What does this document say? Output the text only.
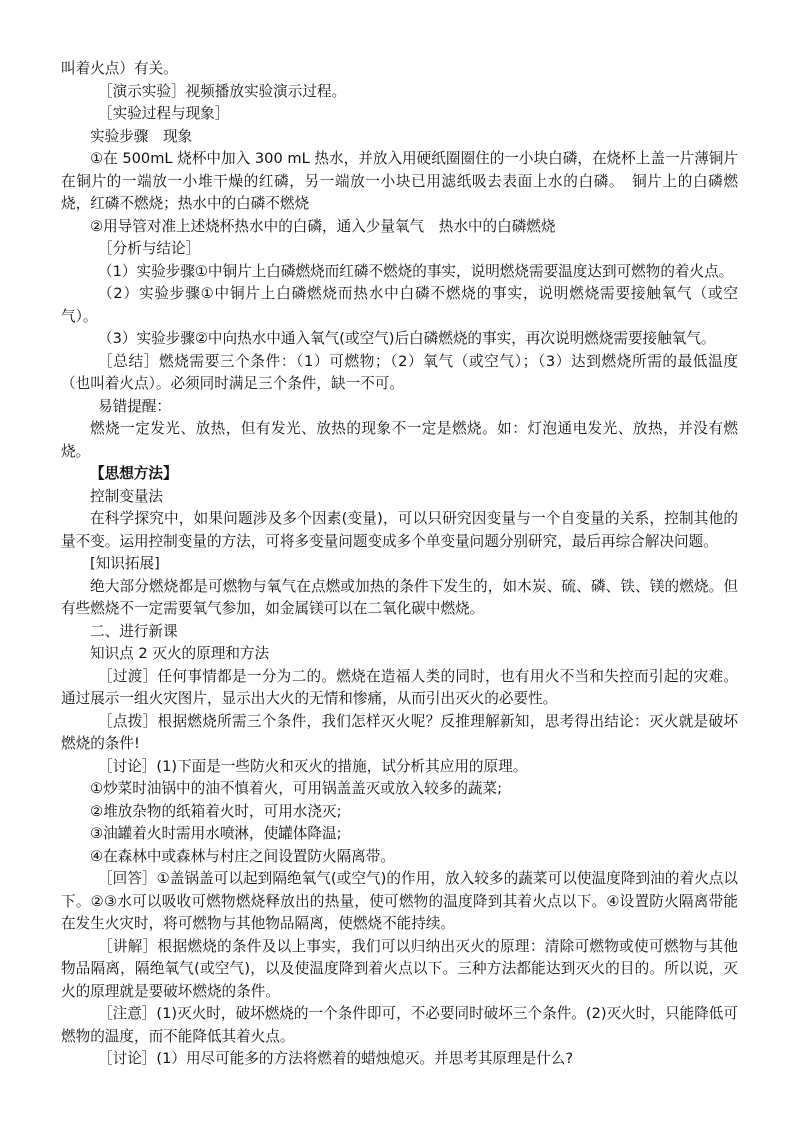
叫着火点）有关。

［演示实验］视频播放实验演示过程。

［实验过程与现象］

实验步骤　现象

①在 500mL 烧杯中加入 300 mL 热水，并放入用硬纸圈圈住的一小块白磷，在烧杯上盖一片薄铜片在铜片的一端放一小堆干燥的红磷，另一端放一小块已用滤纸吸去表面上水的白磷。　铜片上的白磷燃烧，红磷不燃烧；热水中的白磷不燃烧

②用导管对准上述烧杯热水中的白磷，通入少量氧气　热水中的白磷燃烧

［分析与结论］

（1）实验步骤①中铜片上白磷燃烧而红磷不燃烧的事实，说明燃烧需要温度达到可燃物的着火点。

（2）实验步骤①中铜片上白磷燃烧而热水中白磷不燃烧的事实，说明燃烧需要接触氧气（或空气）。

（3）实验步骤②中向热水中通入氧气(或空气)后白磷燃烧的事实，再次说明燃烧需要接触氧气。

［总结］燃烧需要三个条件：（1）可燃物；（2）氧气（或空气）；（3）达到燃烧所需的最低温度（也叫着火点）。必须同时满足三个条件，缺一不可。

易错提醒：

燃烧一定发光、放热，但有发光、放热的现象不一定是燃烧。如：灯泡通电发光、放热，并没有燃烧。

【思想方法】

控制变量法

在科学探究中，如果问题涉及多个因素(变量)，可以只研究因变量与一个自变量的关系，控制其他的量不变。运用控制变量的方法，可将多变量问题变成多个单变量问题分别研究，最后再综合解决问题。

[知识拓展]

绝大部分燃烧都是可燃物与氧气在点燃或加热的条件下发生的，如木炭、硫、磷、铁、镁的燃烧。但有些燃烧不一定需要氧气参加，如金属镁可以在二氧化碳中燃烧。

二、进行新课

知识点 2 灭火的原理和方法

［过渡］任何事情都是一分为二的。燃烧在造福人类的同时，也有用火不当和失控而引起的灾难。通过展示一组火灾图片，显示出大火的无情和惨痛，从而引出灭火的必要性。

［点拨］根据燃烧所需三个条件，我们怎样灭火呢？反推理解新知，思考得出结论：灭火就是破坏燃烧的条件!

［讨论］(1)下面是一些防火和灭火的措施，试分析其应用的原理。

①炒菜时油锅中的油不慎着火，可用锅盖盖灭或放入较多的蔬菜;

②堆放杂物的纸箱着火时，可用水浇灭;

③油罐着火时需用水喷淋，使罐体降温;

④在森林中或森林与村庄之间设置防火隔离带。

［回答］①盖锅盖可以起到隔绝氧气(或空气)的作用，放入较多的蔬菜可以使温度降到油的着火点以下。②③水可以吸收可燃物燃烧释放出的热量，使可燃物的温度降到其着火点以下。④设置防火隔离带能在发生火灾时，将可燃物与其他物品隔离，使燃烧不能持续。

［讲解］根据燃烧的条件及以上事实，我们可以归纳出灭火的原理：清除可燃物或使可燃物与其他物品隔离，隔绝氧气(或空气)，以及使温度降到着火点以下。三种方法都能达到灭火的目的。所以说，灭火的原理就是要破坏燃烧的条件。

［注意］(1)灭火时，破坏燃烧的一个条件即可，不必要同时破坏三个条件。(2)灭火时，只能降低可燃物的温度，而不能降低其着火点。

［讨论］(1）用尽可能多的方法将燃着的蜡烛熄灭。并思考其原理是什么?
